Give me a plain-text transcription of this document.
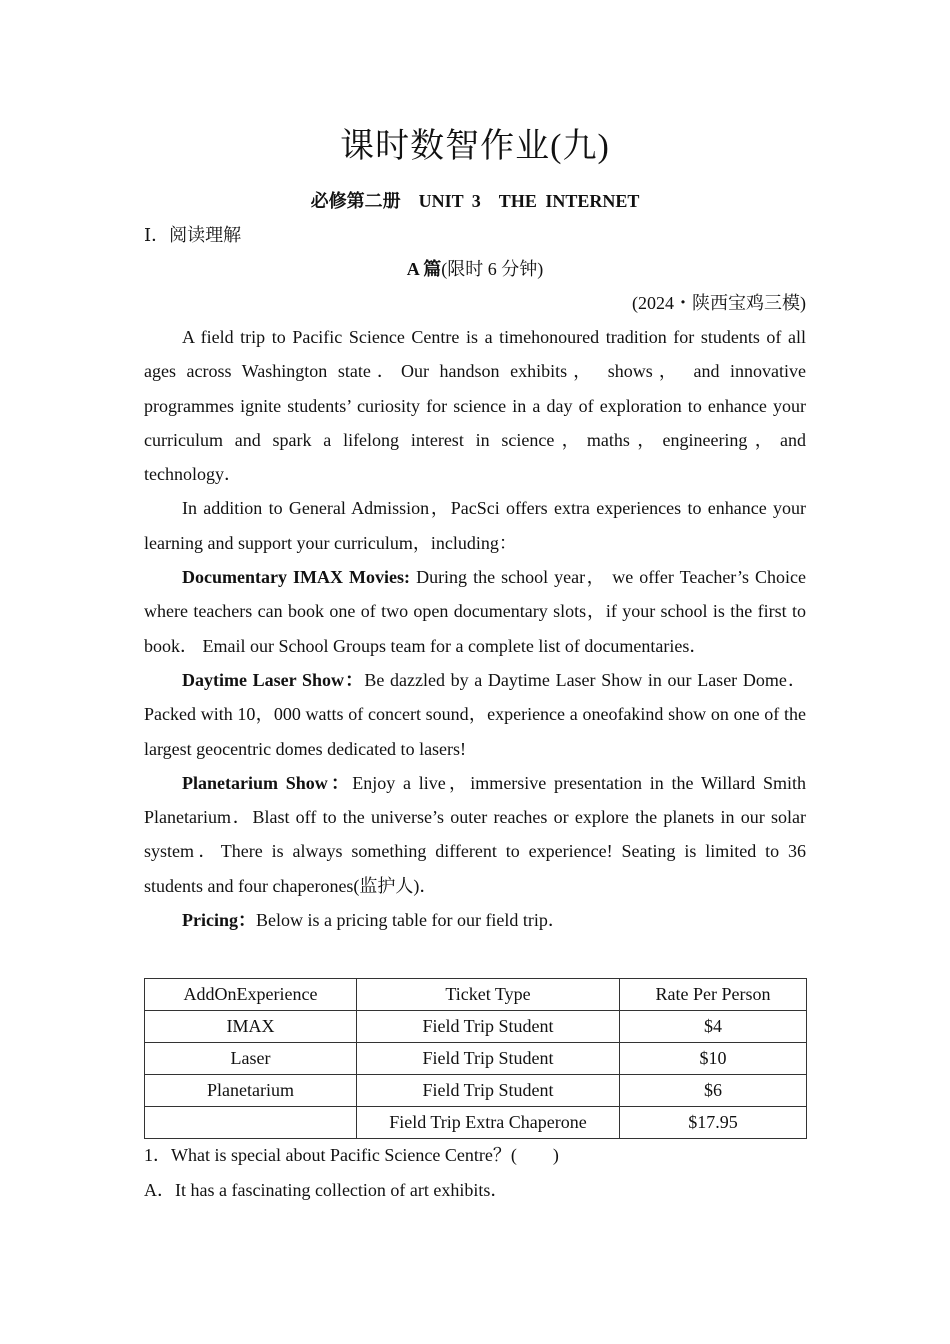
课时数智作业(九)
必修第二册　UNIT 3　THE INTERNET
Ⅰ．阅读理解
A 篇(限时 6 分钟)
(2024・陕西宝鸡三模)

A field trip to Pacific Science Centre is a timehonoured tradition for students of all ages across Washington state．Our handson exhibits， shows， and innovative programmes ignite students’ curiosity for science in a day of exploration to enhance your curriculum and spark a lifelong interest in science，maths，engineering，and technology．

In addition to General Admission，PacSci offers extra experiences to enhance your learning and support your curriculum，including：

Documentary IMAX Movies: During the school year， we offer Teacher’s Choice where teachers can book one of two open documentary slots，if your school is the first to book． Email our School Groups team for a complete list of documentaries．

Daytime Laser Show：Be dazzled by a Daytime Laser Show in our Laser Dome．Packed with 10，000 watts of concert sound，experience a oneofakind show on one of the largest geocentric domes dedicated to lasers!

Planetarium Show：Enjoy a live，immersive presentation in the Willard Smith Planetarium．Blast off to the universe’s outer reaches or explore the planets in our solar system．There is always something different to experience! Seating is limited to 36 students and four chaperones(监护人)．

Pricing：Below is a pricing table for our field trip．

AddOnExperience	Ticket Type	Rate Per Person
IMAX	Field Trip Student	$4
Laser	Field Trip Student	$10
Planetarium	Field Trip Student	$6
	Field Trip Extra Chaperone	$17.95
1．What is special about Pacific Science Centre？(　　)
A．It has a fascinating collection of art exhibits．
